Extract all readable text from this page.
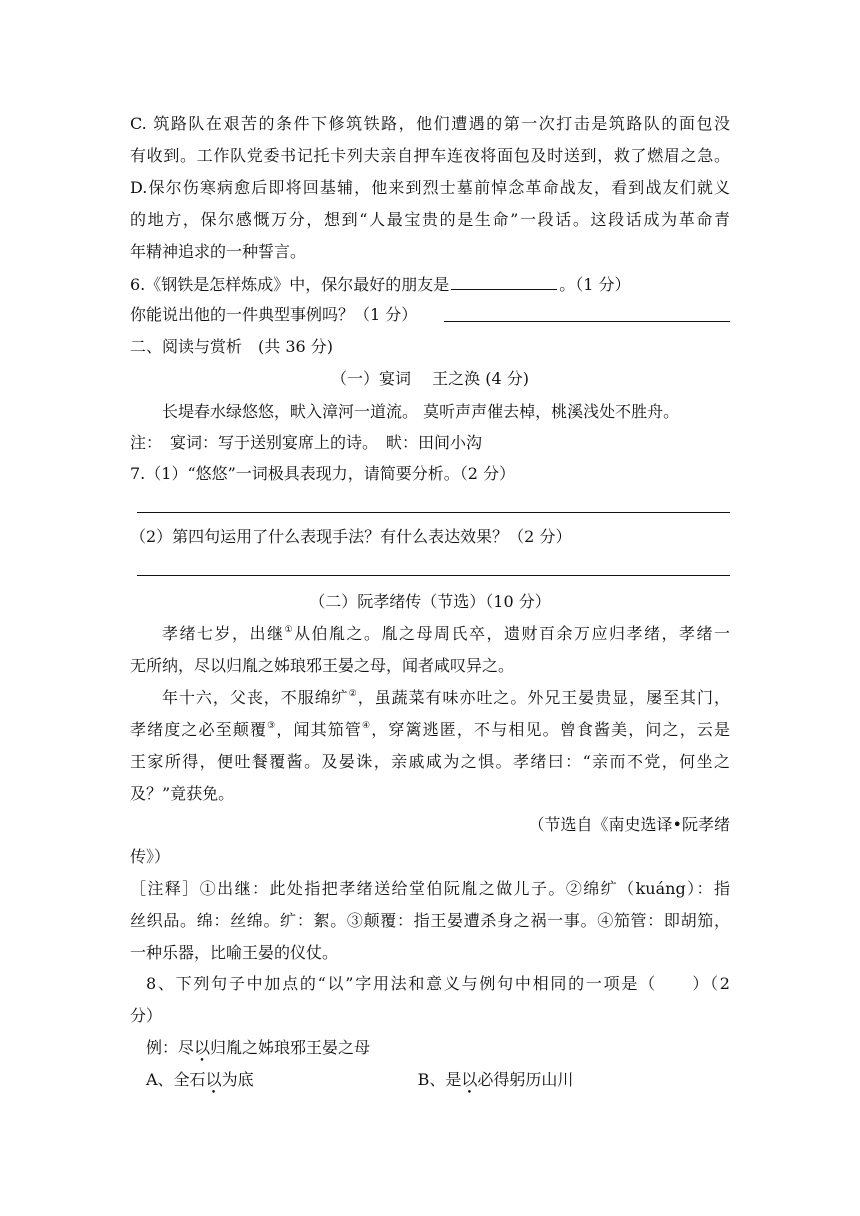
C. 筑路队在艰苦的条件下修筑铁路，他们遭遇的第一次打击是筑路队的面包没
有收到。工作队党委书记托卡列夫亲自押车连夜将面包及时送到，救了燃眉之急。
D.保尔伤寒病愈后即将回基辅，他来到烈士墓前悼念革命战友，看到战友们就义
的地方，保尔感慨万分，想到“人最宝贵的是生命”一段话。这段话成为革命青
年精神追求的一种誓言。
6.《钢铁是怎样炼成》中，保尔最好的朋友是	。（1 分）
你能说出他的一件典型事例吗？（1 分）
二、阅读与赏析　(共 36 分)
（一）宴词　 王之涣 (4 分)
长堤春水绿悠悠，畎入漳河一道流。 莫听声声催去棹，桃溪浅处不胜舟。
注：　宴词：写于送别宴席上的诗。　畎：田间小沟
7.（1）“悠悠”一词极具表现力，请简要分析。（2 分）
（2）第四句运用了什么表现手法？有什么表达效果？（2 分）
（二）阮孝绪传（节选）（10 分）
孝绪七岁，出继①从伯胤之。胤之母周氏卒，遗财百余万应归孝绪，孝绪一
无所纳，尽以归胤之姊琅邪王晏之母，闻者咸叹异之。
年十六，父丧，不服绵纩②，虽蔬菜有味亦吐之。外兄王晏贵显，屡至其门，
孝绪度之必至颠覆③，闻其笳管④，穿篱逃匿，不与相见。曾食酱美，问之，云是
王家所得，便吐餐覆酱。及晏诛，亲戚咸为之惧。孝绪曰：“亲而不党，何坐之
及？”竟获免。
（节选自《南史选译•阮孝绪
传》）
［注释］①出继：此处指把孝绪送给堂伯阮胤之做儿子。②绵纩（kuáng）：指
丝织品。绵：丝绵。纩：絮。③颠覆：指王晏遭杀身之祸一事。④笳管：即胡笳，
一种乐器，比喻王晏的仪仗。
8、下列句子中加点的“以”字用法和意义与例句中相同的一项是（　　）（2
分）
例：尽以归胤之姊琅邪王晏之母
A、全石以为底	B、是以必得躬历山川
